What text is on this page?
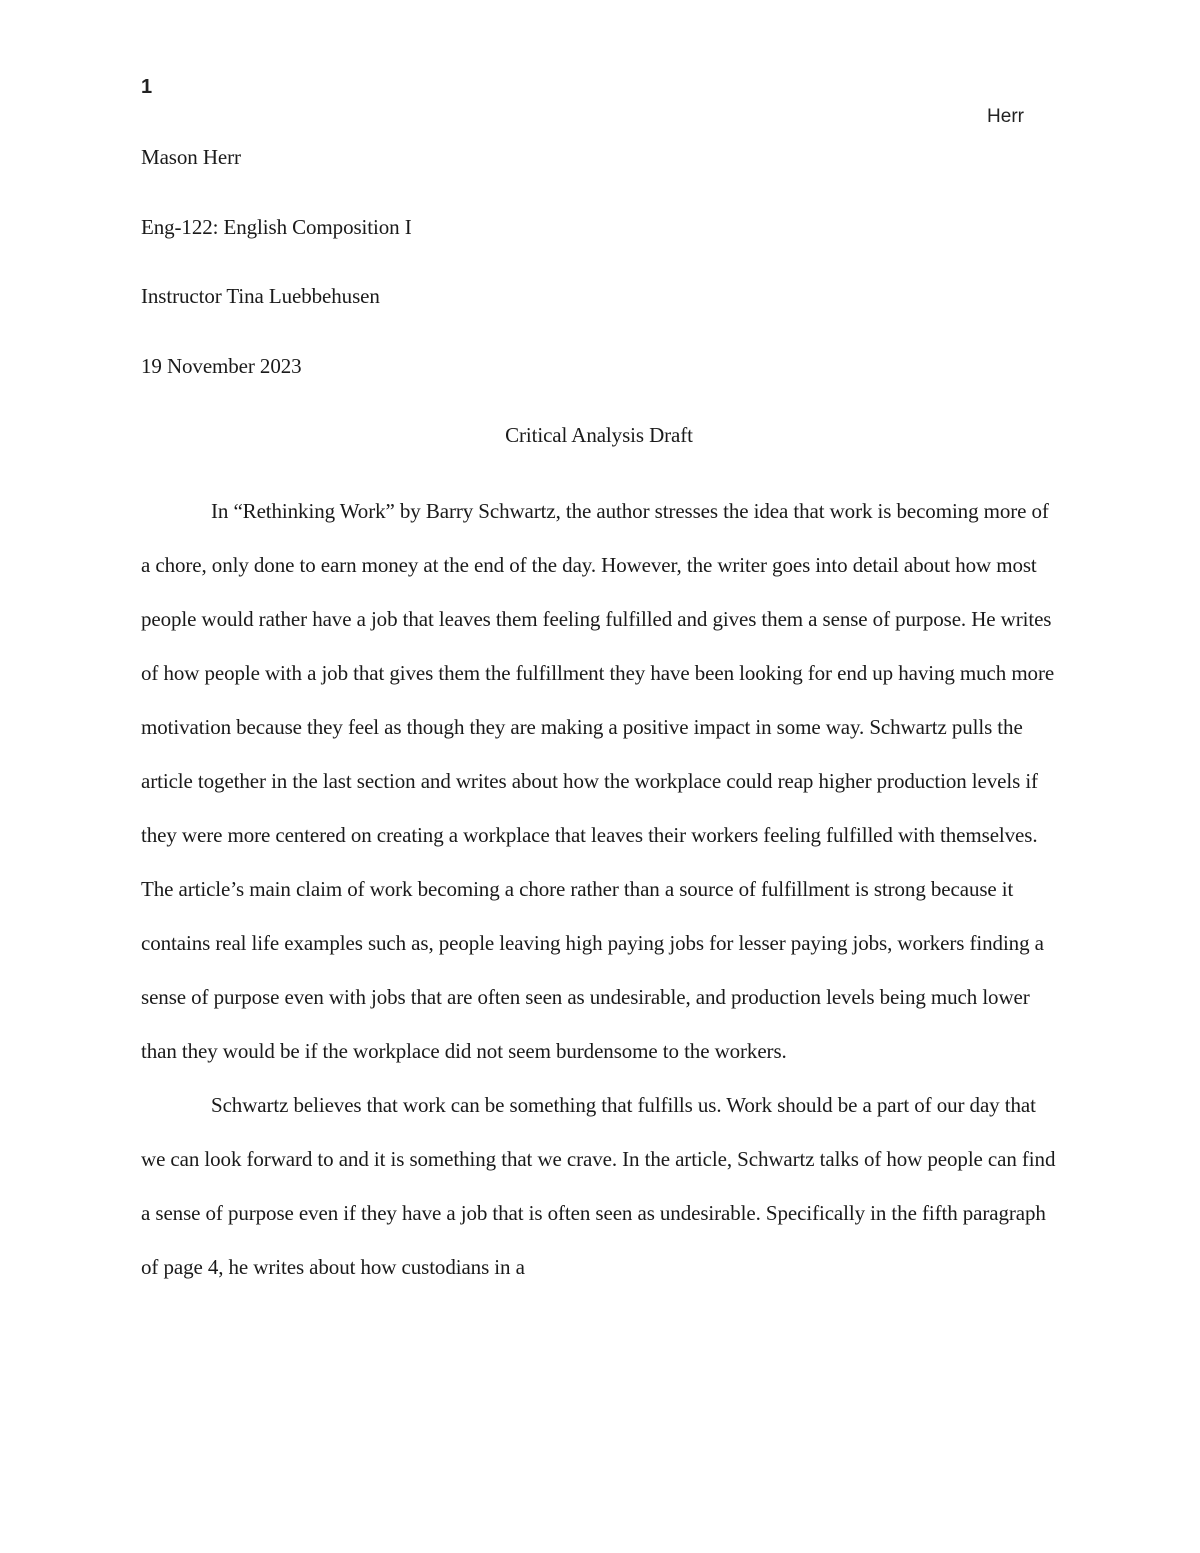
1
Herr

Mason Herr

Eng-122: English Composition I

Instructor Tina Luebbehusen

19 November 2023

Critical Analysis Draft

In “Rethinking Work” by Barry Schwartz, the author stresses the idea that work is becoming more of a chore, only done to earn money at the end of the day. However, the writer goes into detail about how most people would rather have a job that leaves them feeling fulfilled and gives them a sense of purpose. He writes of how people with a job that gives them the fulfillment they have been looking for end up having much more motivation because they feel as though they are making a positive impact in some way. Schwartz pulls the article together in the last section and writes about how the workplace could reap higher production levels if they were more centered on creating a workplace that leaves their workers feeling fulfilled with themselves. The article’s main claim of work becoming a chore rather than a source of fulfillment is strong because it contains real life examples such as, people leaving high paying jobs for lesser paying jobs, workers finding a sense of purpose even with jobs that are often seen as undesirable, and production levels being much lower than they would be if the workplace did not seem burdensome to the workers.

Schwartz believes that work can be something that fulfills us. Work should be a part of our day that we can look forward to and it is something that we crave. In the article, Schwartz talks of how people can find a sense of purpose even if they have a job that is often seen as undesirable. Specifically in the fifth paragraph of page 4, he writes about how custodians in a
